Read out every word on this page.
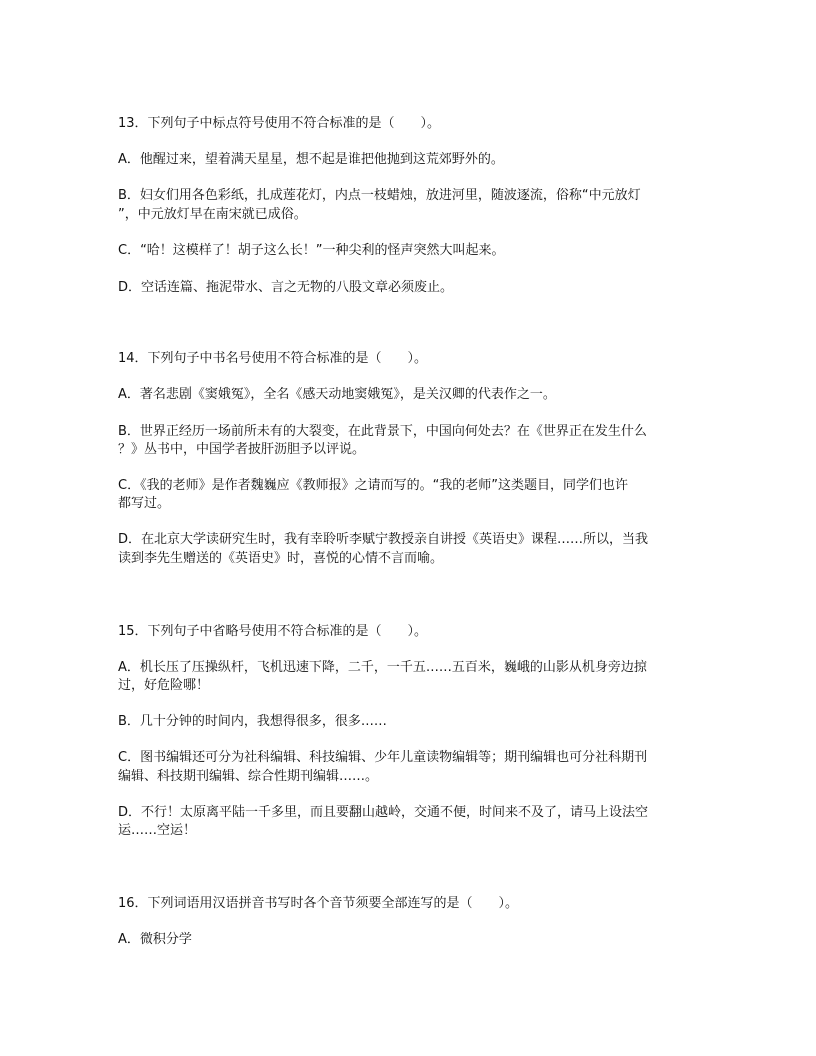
13．下列句子中标点符号使用不符合标准的是（　　）。
A．他醒过来，望着满天星星，想不起是谁把他抛到这荒郊野外的。
B．妇女们用各色彩纸，扎成莲花灯，内点一枝蜡烛，放进河里，随波逐流，俗称“中元放灯
”，中元放灯早在南宋就已成俗。
C．“哈！这模样了！胡子这么长！”一种尖利的怪声突然大叫起来。
D．空话连篇、拖泥带水、言之无物的八股文章必须废止。
14．下列句子中书名号使用不符合标准的是（　　）。
A．著名悲剧《窦娥冤》，全名《感天动地窦娥冤》，是关汉卿的代表作之一。
B．世界正经历一场前所未有的大裂变，在此背景下，中国向何处去？在《世界正在发生什么
？》丛书中，中国学者披肝沥胆予以评说。
C．《我的老师》是作者魏巍应《教师报》之请而写的。“我的老师”这类题目，同学们也许
都写过。
D．在北京大学读研究生时，我有幸聆听李赋宁教授亲自讲授《英语史》课程……所以，当我
读到李先生赠送的《英语史》时，喜悦的心情不言而喻。
15．下列句子中省略号使用不符合标准的是（　　）。
A．机长压了压操纵杆，飞机迅速下降，二千，一千五……五百米，巍峨的山影从机身旁边掠
过，好危险哪！
B．几十分钟的时间内，我想得很多，很多……
C．图书编辑还可分为社科编辑、科技编辑、少年儿童读物编辑等；期刊编辑也可分社科期刊
编辑、科技期刊编辑、综合性期刊编辑……。
D．不行！太原离平陆一千多里，而且要翻山越岭，交通不便，时间来不及了，请马上设法空
运……空运！
16．下列词语用汉语拼音书写时各个音节须要全部连写的是（　　）。
A．微积分学
